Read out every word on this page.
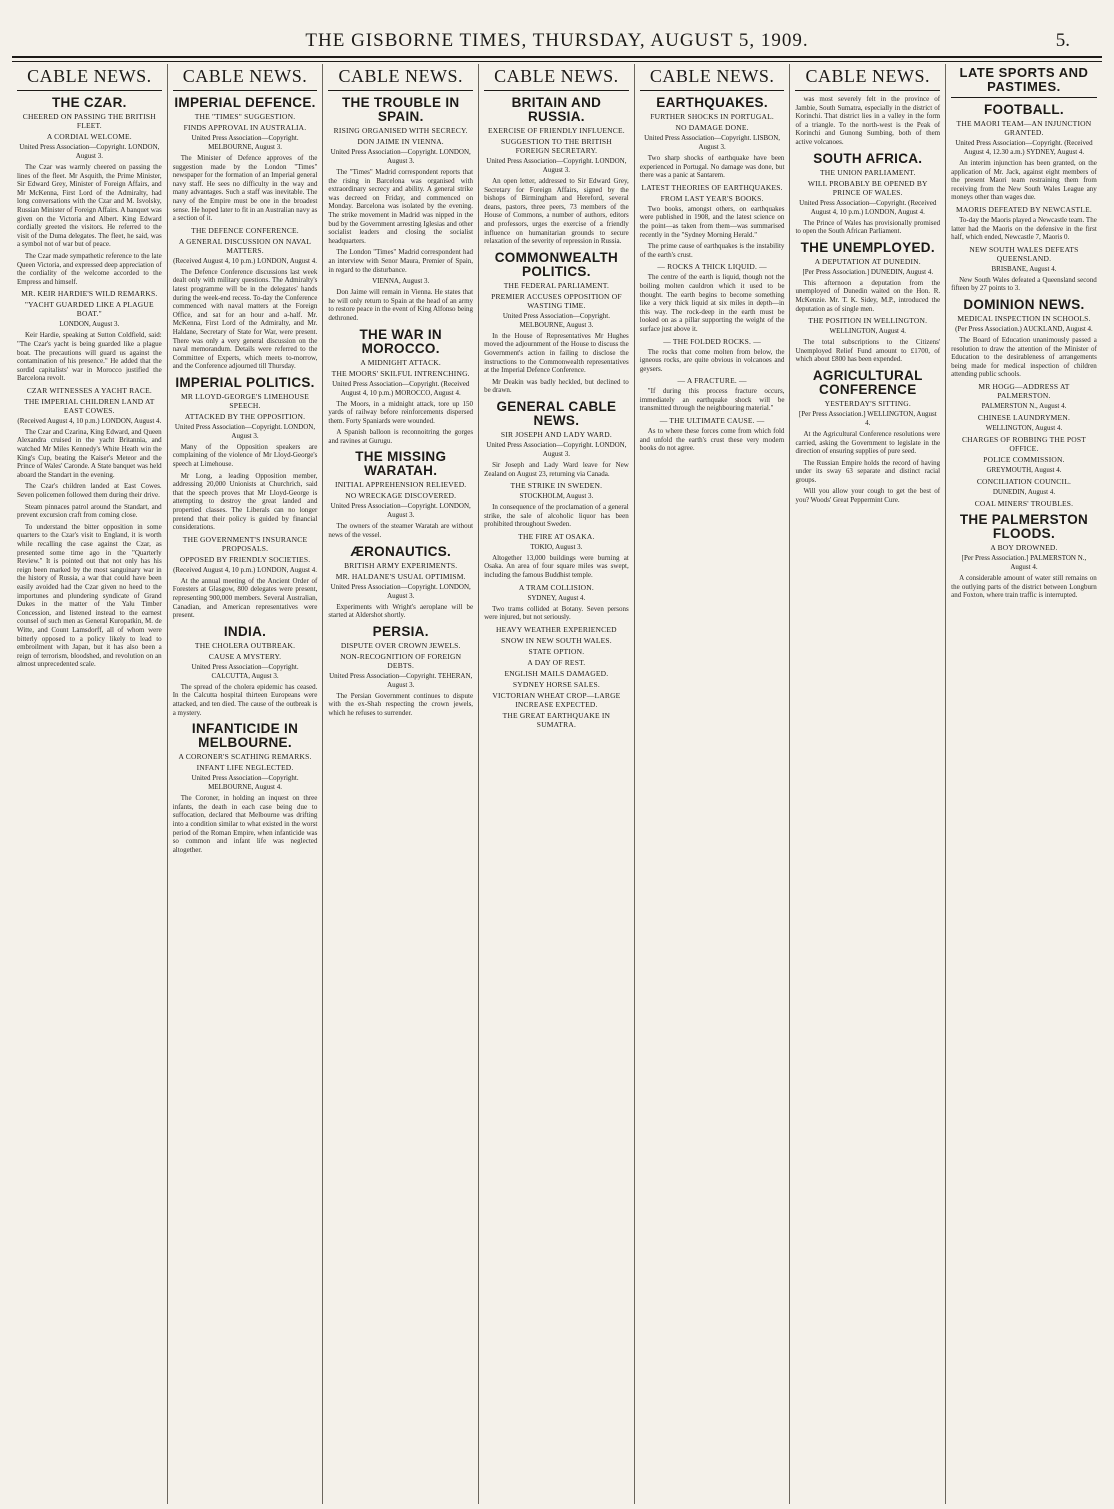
THE GISBORNE TIMES, THURSDAY, AUGUST 5, 1909.	5.
CABLE NEWS.
THE CZAR.
CHEERED ON PASSING THE BRITISH FLEET.
A CORDIAL WELCOME.
United Press Association—Copyright. LONDON, August 3.
The Czar was warmly cheered on passing the lines of the fleet. Mr Asquith, the Prime Minister, Sir Edward Grey, Minister of Foreign Affairs, and Mr McKenna, First Lord of the Admiralty, had long conversations with the Czar and M. Isvolsky, Russian Minister of Foreign Affairs. A banquet was given on the Victoria and Albert. King Edward cordially greeted the visitors. He referred to the visit of the Duma delegates. The fleet, he said, was a symbol not of war but of peace.
The Czar made sympathetic reference to the late Queen Victoria, and expressed deep appreciation of the cordiality of the welcome accorded to the Empress and himself.
MR. KEIR HARDIE'S WILD REMARKS.
"YACHT GUARDED LIKE A PLAGUE BOAT."
LONDON, August 3.
Keir Hardie, speaking at Sutton Coldfield, said: "The Czar's yacht is being guarded like a plague boat. The precautions will guard us against the contamination of his presence." He added that the sordid capitalists' war in Morocco justified the Barcelona revolt.
CZAR WITNESSES A YACHT RACE.
THE IMPERIAL CHILDREN LAND AT EAST COWES.
(Received August 4, 10 p.m.) LONDON, August 4.
The Czar and Czarina, King Edward, and Queen Alexandra cruised in the yacht Britannia, and watched Mr Miles Kennedy's White Heath win the King's Cup, beating the Kaiser's Meteor and the Prince of Wales' Caronde. A State banquet was held aboard the Standart in the evening.
The Czar's children landed at East Cowes. Seven policemen followed them during their drive.
Steam pinnaces patrol around the Standart, and prevent excursion craft from coming close.
To understand the bitter opposition in some quarters to the Czar's visit to England, it is worth while recalling the case against the Czar, as presented some time ago in the "Quarterly Review." It is pointed out that not only has his reign been marked by the most sanguinary war in the history of Russia, a war that could have been easily avoided had the Czar given no heed to the importunes and plundering syndicate of Grand Dukes in the matter of the Yalu Timber Concession, and listened instead to the earnest counsel of such men as General Kuropatkin, M. de Witte, and Count Lamsdorff, all of whom were bitterly opposed to a policy likely to lead to embroilment with Japan, but it has also been a reign of terrorism, bloodshed, and revolution on an almost unprecedented scale.
CABLE NEWS.
IMPERIAL DEFENCE.
THE "TIMES" SUGGESTION.
FINDS APPROVAL IN AUSTRALIA.
United Press Association—Copyright. MELBOURNE, August 3.
The Minister of Defence approves of the suggestion made by the London "Times" newspaper for the formation of an Imperial general navy staff. He sees no difficulty in the way and many advantages. Such a staff was inevitable. The navy of the Empire must be one in the broadest sense. He hoped later to fit in an Australian navy as a section of it.
THE DEFENCE CONFERENCE.
A GENERAL DISCUSSION ON NAVAL MATTERS.
(Received August 4, 10 p.m.) LONDON, August 4.
The Defence Conference discussions last week dealt only with military questions. The Admiralty's latest programme will be in the delegates' hands during the week-end recess. To-day the Conference commenced with naval matters at the Foreign Office, and sat for an hour and a-half. Mr. McKenna, First Lord of the Admiralty, and Mr. Haldane, Secretary of State for War, were present. There was only a very general discussion on the naval memorandum. Details were referred to the Committee of Experts, which meets to-morrow, and the Conference adjourned till Thursday.
IMPERIAL POLITICS.
MR LLOYD-GEORGE'S LIMEHOUSE SPEECH.
ATTACKED BY THE OPPOSITION.
United Press Association—Copyright. LONDON, August 3.
Many of the Opposition speakers are complaining of the violence of Mr Lloyd-George's speech at Limehouse.
Mr Long, a leading Opposition member, addressing 20,000 Unionists at Churchrich, said that the speech proves that Mr Lloyd-George is attempting to destroy the great landed and propertied classes. The Liberals can no longer pretend that their policy is guided by financial considerations.
THE GOVERNMENT'S INSURANCE PROPOSALS.
OPPOSED BY FRIENDLY SOCIETIES.
(Received August 4, 10 p.m.) LONDON, August 4.
At the annual meeting of the Ancient Order of Foresters at Glasgow, 800 delegates were present, representing 900,000 members. Several Australian, Canadian, and American representatives were present.
INDIA.
THE CHOLERA OUTBREAK.
CAUSE A MYSTERY.
United Press Association—Copyright. CALCUTTA, August 3.
The spread of the cholera epidemic has ceased. In the Calcutta hospital thirteen Europeans were attacked, and ten died. The cause of the outbreak is a mystery.
INFANTICIDE IN MELBOURNE.
A CORONER'S SCATHING REMARKS.
INFANT LIFE NEGLECTED.
United Press Association—Copyright. MELBOURNE, August 4.
The Coroner, in holding an inquest on three infants, the death in each case being due to suffocation, declared that Melbourne was drifting into a condition similar to what existed in the worst period of the Roman Empire, when infanticide was so common and infant life was neglected altogether.
CABLE NEWS.
THE TROUBLE IN SPAIN.
RISING ORGANISED WITH SECRECY.
DON JAIME IN VIENNA.
United Press Association—Copyright. LONDON, August 3.
The "Times" Madrid correspondent reports that the rising in Barcelona was organised with extraordinary secrecy and ability. A general strike was decreed on Friday, and commenced on Monday. Barcelona was isolated by the evening. The strike movement in Madrid was nipped in the bud by the Government arresting Iglesias and other socialist leaders and closing the socialist headquarters.
The London "Times" Madrid correspondent had an interview with Senor Maura, Premier of Spain, in regard to the disturbance.
VIENNA, August 3.
Don Jaime will remain in Vienna. He states that he will only return to Spain at the head of an army to restore peace in the event of King Alfonso being dethroned.
THE WAR IN MOROCCO.
A MIDNIGHT ATTACK.
THE MOORS' SKILFUL INTRENCHING.
United Press Association—Copyright. (Received August 4, 10 p.m.) MOROCCO, August 4.
The Moors, in a midnight attack, tore up 150 yards of railway before reinforcements dispersed them. Forty Spaniards were wounded.
A Spanish balloon is reconnoitring the gorges and ravines at Gurugu.
THE MISSING WARATAH.
INITIAL APPREHENSION RELIEVED.
NO WRECKAGE DISCOVERED.
United Press Association—Copyright. LONDON, August 3.
The owners of the steamer Waratah are without news of the vessel.
ÆRONAUTICS.
BRITISH ARMY EXPERIMENTS.
MR. HALDANE'S USUAL OPTIMISM.
United Press Association—Copyright. LONDON, August 3.
Experiments with Wright's aeroplane will be started at Aldershot shortly.
PERSIA.
DISPUTE OVER CROWN JEWELS.
NON-RECOGNITION OF FOREIGN DEBTS.
United Press Association—Copyright. TEHERAN, August 3.
The Persian Government continues to dispute with the ex-Shah respecting the crown jewels, which he refuses to surrender.
CABLE NEWS.
BRITAIN AND RUSSIA.
EXERCISE OF FRIENDLY INFLUENCE.
SUGGESTION TO THE BRITISH FOREIGN SECRETARY.
United Press Association—Copyright. LONDON, August 3.
An open letter, addressed to Sir Edward Grey, Secretary for Foreign Affairs, signed by the bishops of Birmingham and Hereford, several deans, pastors, three peers, 73 members of the House of Commons, a number of authors, editors and professors, urges the exercise of a friendly influence on humanitarian grounds to secure relaxation of the severity of repression in Russia.
COMMONWEALTH POLITICS.
THE FEDERAL PARLIAMENT.
PREMIER ACCUSES OPPOSITION OF WASTING TIME.
United Press Association—Copyright. MELBOURNE, August 3.
In the House of Representatives Mr Hughes moved the adjournment of the House to discuss the Government's action in failing to disclose the instructions to the Commonwealth representatives at the Imperial Defence Conference.
Mr Deakin was badly heckled, but declined to be drawn.
GENERAL CABLE NEWS.
SIR JOSEPH AND LADY WARD.
United Press Association—Copyright. LONDON, August 3.
Sir Joseph and Lady Ward leave for New Zealand on August 23, returning via Canada.
THE STRIKE IN SWEDEN.
STOCKHOLM, August 3.
In consequence of the proclamation of a general strike, the sale of alcoholic liquor has been prohibited throughout Sweden.
THE FIRE AT OSAKA.
TOKIO, August 3.
Altogether 13,000 buildings were burning at Osaka. An area of four square miles was swept, including the famous Buddhist temple.
A TRAM COLLISION.
SYDNEY, August 4.
Two trams collided at Botany. Seven persons were injured, but not seriously.
HEAVY WEATHER EXPERIENCED
SNOW IN NEW SOUTH WALES.
STATE OPTION.
A DAY OF REST.
ENGLISH MAILS DAMAGED.
SYDNEY HORSE SALES.
VICTORIAN WHEAT CROP—LARGE INCREASE EXPECTED.
THE GREAT EARTHQUAKE IN SUMATRA.
CABLE NEWS.
EARTHQUAKES.
FURTHER SHOCKS IN PORTUGAL.
NO DAMAGE DONE.
United Press Association—Copyright. LISBON, August 3.
Two sharp shocks of earthquake have been experienced in Portugal. No damage was done, but there was a panic at Santarem.
LATEST THEORIES OF EARTHQUAKES.
FROM LAST YEAR'S BOOKS.
Two books, amongst others, on earthquakes were published in 1908, and the latest science on the point—as taken from them—was summarised recently in the "Sydney Morning Herald."
The prime cause of earthquakes is the instability of the earth's crust.
— ROCKS A THICK LIQUID. —
The centre of the earth is liquid, though not the boiling molten cauldron which it used to be thought. The earth begins to become something like a very thick liquid at six miles in depth—in this way. The rock-deep in the earth must be looked on as a pillar supporting the weight of the surface just above it.
— THE FOLDED ROCKS. —
The rocks that come molten from below, the igneous rocks, are quite obvious in volcanoes and geysers.
— A FRACTURE. —
"If during this process fracture occurs, immediately an earthquake shock will be transmitted through the neighbouring material."
— THE ULTIMATE CAUSE. —
As to where these forces come from which fold and unfold the earth's crust these very modern books do not agree.
CABLE NEWS.
was most severely felt in the province of Jambie, South Sumatra, especially in the district of Korinchi. That district lies in a valley in the form of a triangle. To the north-west is the Peak of Korinchi and Gunong Sumbing, both of them active volcanoes.
SOUTH AFRICA.
THE UNION PARLIAMENT.
WILL PROBABLY BE OPENED BY PRINCE OF WALES.
United Press Association—Copyright. (Received August 4, 10 p.m.) LONDON, August 4.
The Prince of Wales has provisionally promised to open the South African Parliament.
THE UNEMPLOYED.
A DEPUTATION AT DUNEDIN.
[Per Press Association.] DUNEDIN, August 4.
This afternoon a deputation from the unemployed of Dunedin waited on the Hon. R. McKenzie. Mr. T. K. Sidey, M.P., introduced the deputation as of single men.
THE POSITION IN WELLINGTON.
WELLINGTON, August 4.
The total subscriptions to the Citizens' Unemployed Relief Fund amount to £1700, of which about £800 has been expended.
AGRICULTURAL CONFERENCE
YESTERDAY'S SITTING.
[Per Press Association.] WELLINGTON, August 4.
At the Agricultural Conference resolutions were carried, asking the Government to legislate in the direction of ensuring supplies of pure seed.
The Russian Empire holds the record of having under its sway 63 separate and distinct racial groups.
Will you allow your cough to get the best of you? Woods' Great Peppermint Cure.
LATE SPORTS AND PASTIMES.
FOOTBALL.
THE MAORI TEAM—AN INJUNCTION GRANTED.
United Press Association—Copyright. (Received August 4, 12.30 a.m.) SYDNEY, August 4.
An interim injunction has been granted, on the application of Mr. Jack, against eight members of the present Maori team restraining them from receiving from the New South Wales League any moneys other than wages due.
MAORIS DEFEATED BY NEWCASTLE.
To-day the Maoris played a Newcastle team. The latter had the Maoris on the defensive in the first half, which ended, Newcastle 7, Maoris 0.
NEW SOUTH WALES DEFEATS QUEENSLAND.
BRISBANE, August 4.
New South Wales defeated a Queensland second fifteen by 27 points to 3.
DOMINION NEWS.
MEDICAL INSPECTION IN SCHOOLS.
(Per Press Association.) AUCKLAND, August 4.
The Board of Education unanimously passed a resolution to draw the attention of the Minister of Education to the desirableness of arrangements being made for medical inspection of children attending public schools.
MR HOGG—ADDRESS AT PALMERSTON.
PALMERSTON N., August 4.
CHINESE LAUNDRYMEN.
WELLINGTON, August 4.
CHARGES OF ROBBING THE POST OFFICE.
POLICE COMMISSION.
GREYMOUTH, August 4.
CONCILIATION COUNCIL.
DUNEDIN, August 4.
COAL MINERS' TROUBLES.
THE PALMERSTON FLOODS.
A BOY DROWNED.
[Per Press Association.] PALMERSTON N., August 4.
A considerable amount of water still remains on the outlying parts of the district between Longburn and Foxton, where train traffic is interrupted.
